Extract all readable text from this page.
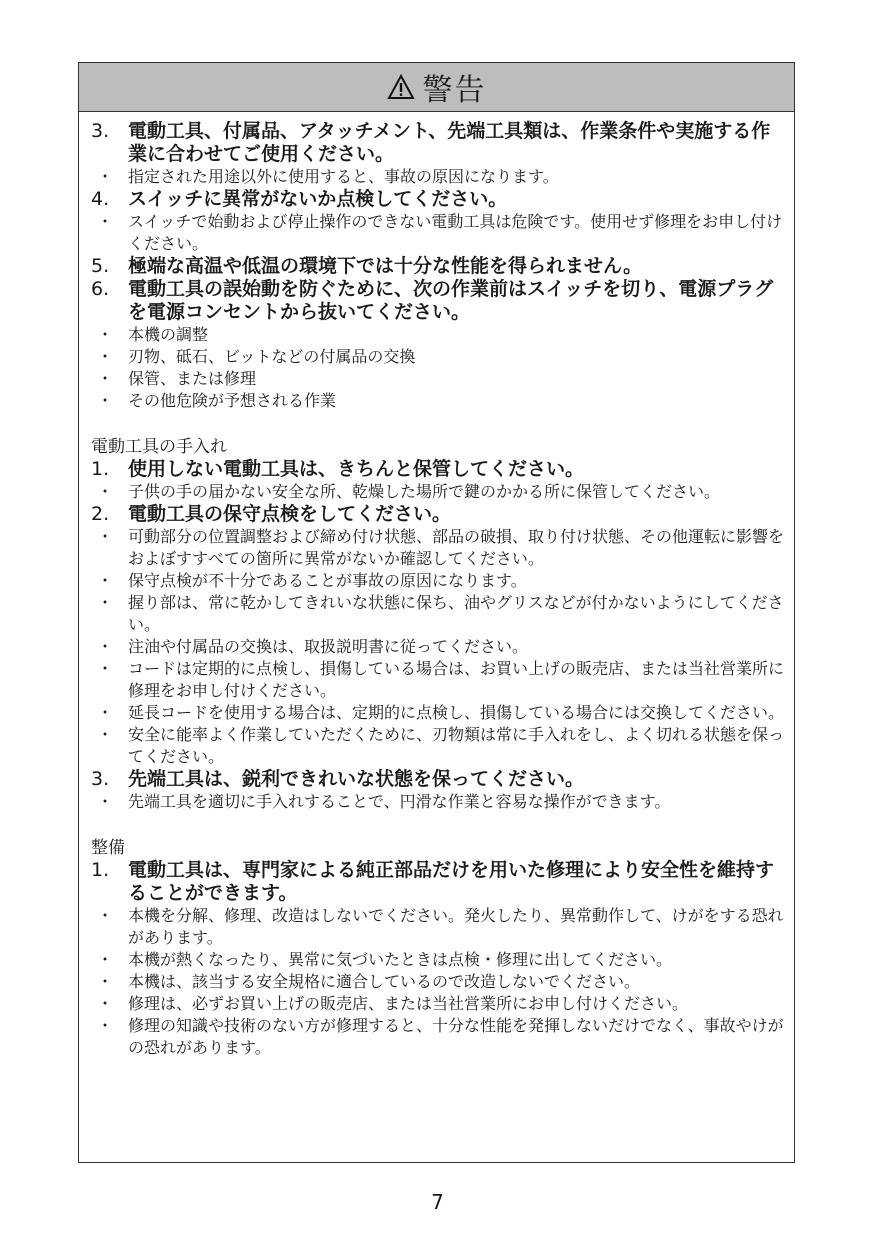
警告
3. 電動工具、付属品、アタッチメント、先端工具類は、作業条件や実施する作業に合わせてご使用ください。
・ 指定された用途以外に使用すると、事故の原因になります。
4. スイッチに異常がないか点検してください。
・ スイッチで始動および停止操作のできない電動工具は危険です。使用せず修理をお申し付けください。
5. 極端な高温や低温の環境下では十分な性能を得られません。
6. 電動工具の誤始動を防ぐために、次の作業前はスイッチを切り、電源プラグを電源コンセントから抜いてください。
・ 本機の調整
・ 刃物、砥石、ビットなどの付属品の交換
・ 保管、または修理
・ その他危険が予想される作業
電動工具の手入れ
1. 使用しない電動工具は、きちんと保管してください。
・ 子供の手の届かない安全な所、乾燥した場所で鍵のかかる所に保管してください。
2. 電動工具の保守点検をしてください。
・ 可動部分の位置調整および締め付け状態、部品の破損、取り付け状態、その他運転に影響をおよぼすすべての箇所に異常がないか確認してください。
・ 保守点検が不十分であることが事故の原因になります。
・ 握り部は、常に乾かしてきれいな状態に保ち、油やグリスなどが付かないようにしてください。
・ 注油や付属品の交換は、取扱説明書に従ってください。
・ コードは定期的に点検し、損傷している場合は、お買い上げの販売店、または当社営業所に修理をお申し付けください。
・ 延長コードを使用する場合は、定期的に点検し、損傷している場合には交換してください。
・ 安全に能率よく作業していただくために、刃物類は常に手入れをし、よく切れる状態を保ってください。
3. 先端工具は、鋭利できれいな状態を保ってください。
・ 先端工具を適切に手入れすることで、円滑な作業と容易な操作ができます。
整備
1. 電動工具は、専門家による純正部品だけを用いた修理により安全性を維持することができます。
・ 本機を分解、修理、改造はしないでください。発火したり、異常動作して、けがをする恐れがあります。
・ 本機が熱くなったり、異常に気づいたときは点検・修理に出してください。
・ 本機は、該当する安全規格に適合しているので改造しないでください。
・ 修理は、必ずお買い上げの販売店、または当社営業所にお申し付けください。
・ 修理の知識や技術のない方が修理すると、十分な性能を発揮しないだけでなく、事故やけがの恐れがあります。
7
